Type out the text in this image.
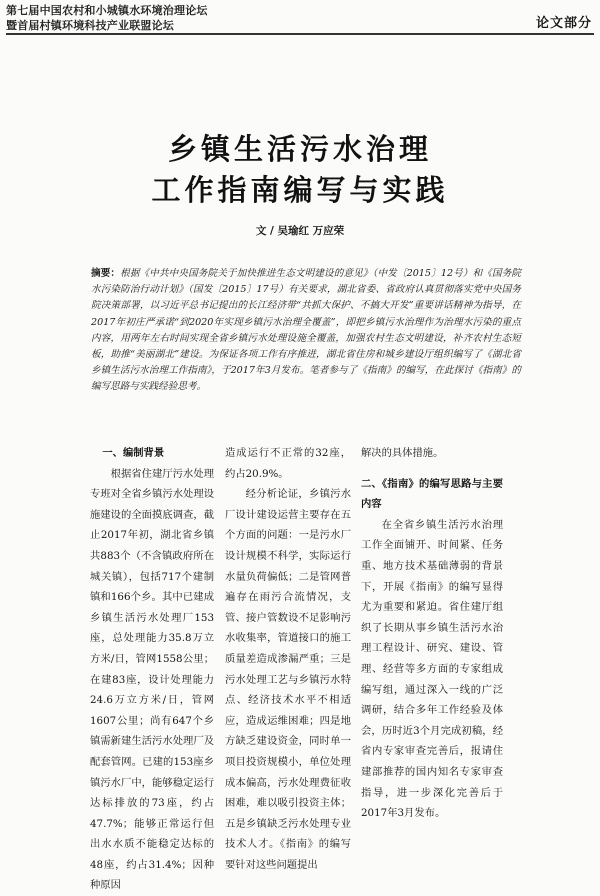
第七届中国农村和小城镇水环境治理论坛
暨首届村镇环境科技产业联盟论坛	论文部分
乡镇生活污水治理
工作指南编写与实践
文 / 吴瑜红 万应荣
摘要：根据《中共中央国务院关于加快推进生态文明建设的意见》（中发〔2015〕12号）和《国务院水污染防治行动计划》（国发〔2015〕17号）有关要求，湖北省委、省政府认真贯彻落实党中央国务院决策部署，以习近平总书记提出的长江经济带“共抓大保护、不搞大开发”重要讲话精神为指导，在2017年初庄严承诺“到2020年实现乡镇污水治理全覆盖”，即把乡镇污水治理作为治理水污染的重点内容，用两年左右时间实现全省乡镇污水处理设施全覆盖，加强农村生态文明建设，补齐农村生态短板，助推“美丽湖北”建设。为保证各项工作有序推进，湖北省住房和城乡建设厅组织编写了《湖北省乡镇生活污水治理工作指南》，于2017年3月发布。笔者参与了《指南》的编写，在此探讨《指南》的编写思路与实践经验思考。

一、编制背景

根据省住建厅污水处理专班对全省乡镇污水处理设施建设的全面摸底调查，截止2017年初，湖北省乡镇共883个（不含镇政府所在城关镇），包括717个建制镇和166个乡。其中已建成乡镇生活污水处理厂153座，总处理能力35.8万立方米/日，管网1558公里；在建83座，设计处理能力24.6万立方米/日，管网1607公里；尚有647个乡镇需新建生活污水处理厂及配套管网。已建的153座乡镇污水厂中，能够稳定运行达标排放的73座，约占47.7%；能够正常运行但出水水质不能稳定达标的48座，约占31.4%；因种种原因

造成运行不正常的32座，约占20.9%。

经分析论证，乡镇污水厂设计建设运营主要存在五个方面的问题：一是污水厂设计规模不科学，实际运行水量负荷偏低；二是管网普遍存在雨污合流情况，支管、接户管数设不足影响污水收集率，管道接口的施工质量差造成渗漏严重；三是污水处理工艺与乡镇污水特点、经济技术水平不相适应，造成运维困难；四是地方缺乏建设资金，同时单一项目投资规模小，单位处理成本偏高，污水处理费征收困难，难以吸引投资主体；五是乡镇缺乏污水处理专业技术人才。《指南》的编写要针对这些问题提出

解决的具体措施。

二、《指南》的编写思路与主要内容

在全省乡镇生活污水治理工作全面铺开、时间紧、任务重、地方技术基础薄弱的背景下，开展《指南》的编写显得尤为重要和紧迫。省住建厅组织了长期从事乡镇生活污水治理工程设计、研究、建设、管理、经营等多方面的专家组成编写组，通过深入一线的广泛调研，结合多年工作经验及体会，历时近3个月完成初稿，经省内专家审查完善后，报请住建部推荐的国内知名专家审查指导，进一步深化完善后于2017年3月发布。
